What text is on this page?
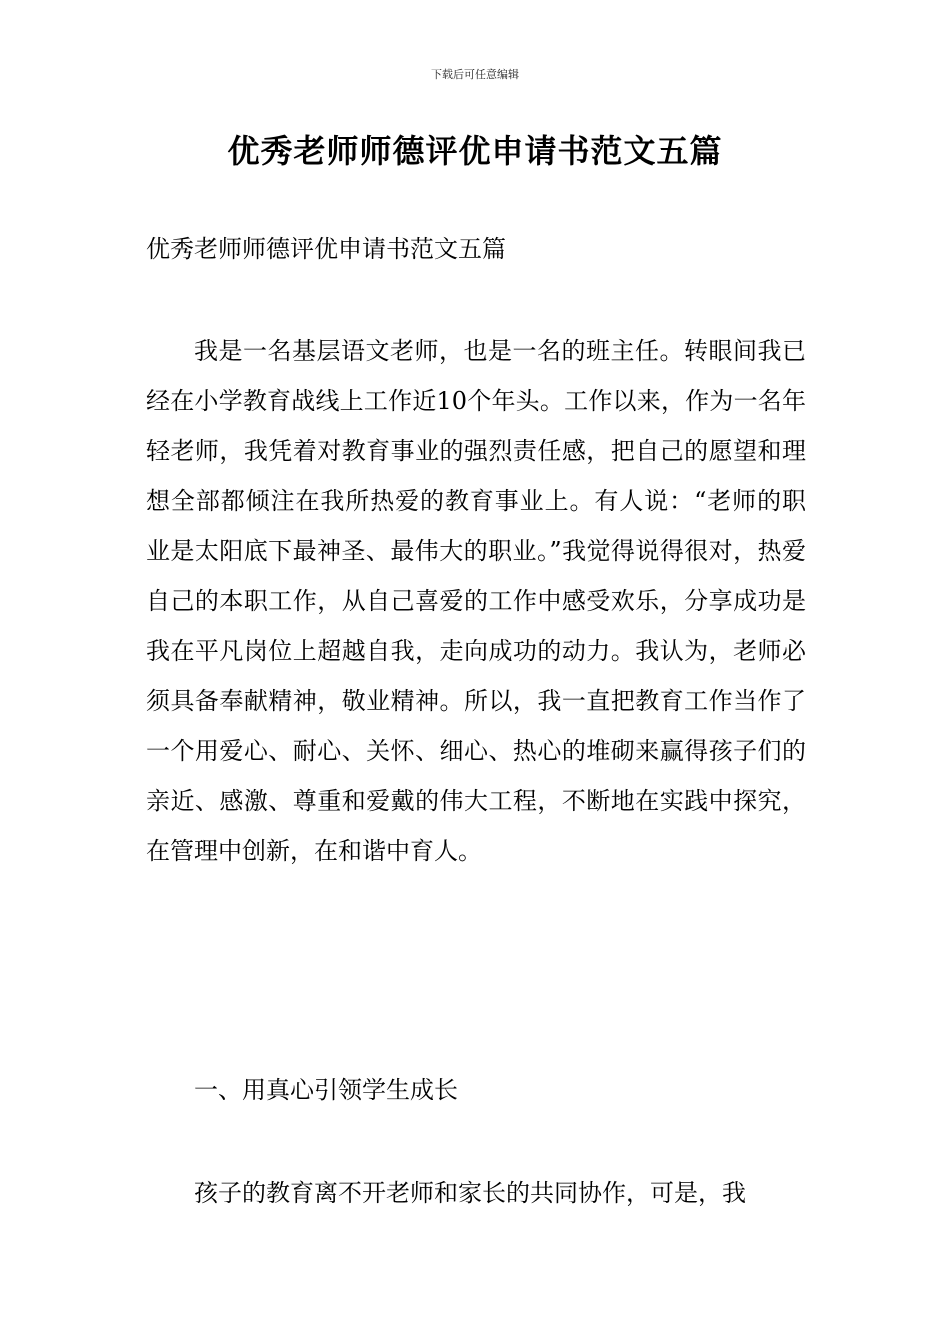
下载后可任意编辑
优秀老师师德评优申请书范文五篇

优秀老师师德评优申请书范文五篇

我是一名基层语文老师，也是一名的班主任。转眼间我已经在小学教育战线上工作近10个年头。工作以来，作为一名年轻老师，我凭着对教育事业的强烈责任感，把自己的愿望和理想全部都倾注在我所热爱的教育事业上。有人说：“老师的职业是太阳底下最神圣、最伟大的职业。”我觉得说得很对，热爱自己的本职工作，从自己喜爱的工作中感受欢乐，分享成功是我在平凡岗位上超越自我，走向成功的动力。我认为，老师必须具备奉献精神，敬业精神。所以，我一直把教育工作当作了一个用爱心、耐心、关怀、细心、热心的堆砌来赢得孩子们的亲近、感激、尊重和爱戴的伟大工程，不断地在实践中探究，在管理中创新，在和谐中育人。

一、用真心引领学生成长

孩子的教育离不开老师和家长的共同协作，可是，我
